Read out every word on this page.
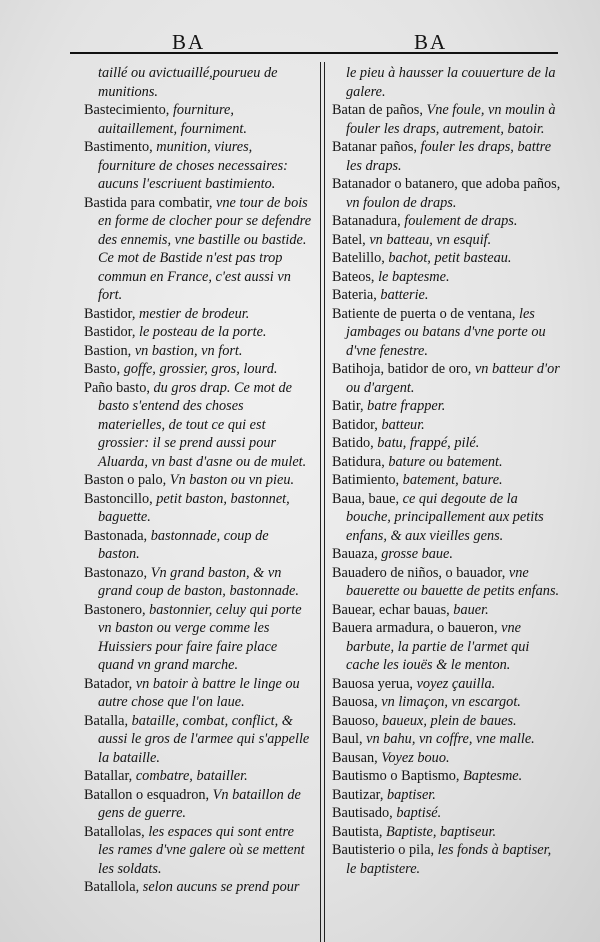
BA	BA

taillé ou avictuaillé,pourueu de munitions.

Bastecimiento, fourniture, auitaillement, fourniment.

Bastimento, munition, viures, fourniture de choses necessaires: aucuns l'escriuent bastimiento.

Bastida para combatir, vne tour de bois en forme de clocher pour se defendre des ennemis, vne bastille ou bastide. Ce mot de Bastide n'est pas trop commun en France, c'est aussi vn fort.

Bastidor, mestier de brodeur.

Bastidor, le posteau de la porte.

Bastion, vn bastion, vn fort.

Basto, goffe, grossier, gros, lourd.

Paño basto, du gros drap. Ce mot de basto s'entend des choses materielles, de tout ce qui est grossier: il se prend aussi pour Aluarda, vn bast d'asne ou de mulet.

Baston o palo, Vn baston ou vn pieu.

Bastoncillo, petit baston, bastonnet, baguette.

Bastonada, bastonnade, coup de baston.

Bastonazo, Vn grand baston, & vn grand coup de baston, bastonnade.

Bastonero, bastonnier, celuy qui porte vn baston ou verge comme les Huissiers pour faire faire place quand vn grand marche.

Batador, vn batoir à battre le linge ou autre chose que l'on laue.

Batalla, bataille, combat, conflict, & aussi le gros de l'armee qui s'appelle la bataille.

Batallar, combatre, batailler.

Batallon o esquadron, Vn bataillon de gens de guerre.

Batallolas, les espaces qui sont entre les rames d'vne galere où se mettent les soldats.

Batallola, selon aucuns se prend pour

le pieu à hausser la couuerture de la galere.

Batan de paños, Vne foule, vn moulin à fouler les draps, autrement, batoir.

Batanar paños, fouler les draps, battre les draps.

Batanador o batanero, que adoba paños, vn foulon de draps.

Batanadura, foulement de draps.

Batel, vn batteau, vn esquif.

Batelillo, bachot, petit basteau.

Bateos, le baptesme.

Bateria, batterie.

Batiente de puerta o de ventana, les jambages ou batans d'vne porte ou d'vne fenestre.

Batihoja, batidor de oro, vn batteur d'or ou d'argent.

Batir, batre frapper.

Batidor, batteur.

Batido, batu, frappé, pilé.

Batidura, bature ou batement.

Batimiento, batement, bature.

Baua, baue, ce qui degoute de la bouche, principallement aux petits enfans, & aux vieilles gens.

Bauaza, grosse baue.

Bauadero de niños, o bauador, vne bauerette ou bauette de petits enfans.

Bauear, echar bauas, bauer.

Bauera armadura, o baueron, vne barbute, la partie de l'armet qui cache les iouës & le menton.

Bauosa yerua, voyez çauilla.

Bauosa, vn limaçon, vn escargot.

Bauoso, baueux, plein de baues.

Baul, vn bahu, vn coffre, vne malle.

Bausan, Voyez bouo.

Bautismo o Baptismo, Baptesme.

Bautizar, baptiser.

Bautisado, baptisé.

Bautista, Baptiste, baptiseur.

Bautisterio o pila, les fonds à baptiser, le baptistere.
